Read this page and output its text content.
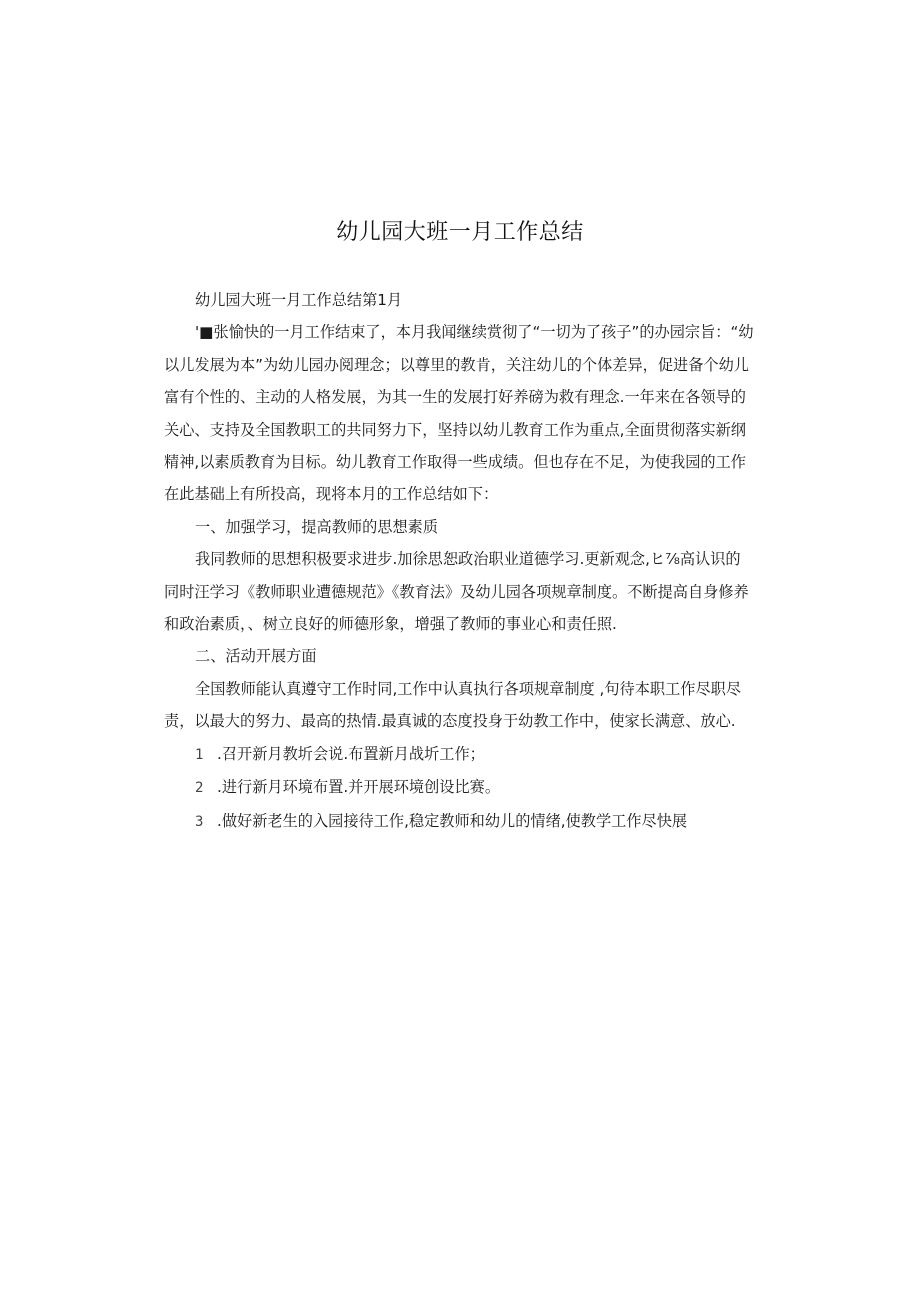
幼儿园大班一月工作总结

幼儿园大班一月工作总结第1月

'■张愉快的一月工作结束了，本月我闻继续赏彻了“一切为了孩子”的办园宗旨：“幼以儿发展为本”为幼儿园办阅理念；以尊里的教肯，关注幼儿的个体差异，促进备个幼儿富有个性的、主动的人格发展，为其一生的发展打好养磅为救有理念.一年来在各领导的关心、支持及全国教职工的共同努力下，坚持以幼儿教育工作为重点,全面贯彻落实新纲精神,以素质教育为目标。幼儿教育工作取得一些成绩。但也存在不足，为使我园的工作在此基础上有所投高，现将本月的工作总结如下：

一、加强学习，提高教师的思想素质

我同教师的思想积极要求进步.加徐思恕政治职业道德学习.更新观念,ヒ⅞高认识的同时汪学习《教师职业遭德规范》《教育法》及幼儿园各项规章制度。不断提高自身修养和政治素质，、树立良好的师德形象，增强了教师的事业心和责任照.

二、活动开展方面

全国教师能认真遵守工作时同,工作中认真执行各项规章制度 ,句待本职工作尽职尽责，以最大的努力、最高的热情.最真诚的态度投身于幼教工作中，使家长满意、放心.

1 .召开新月教圻会说.布置新月战圻工作；

2 .进行新月环境布置.并开展环境创设比赛。

3 .做好新老生的入园接待工作,稳定教师和幼儿的情绪,使教学工作尽快展
